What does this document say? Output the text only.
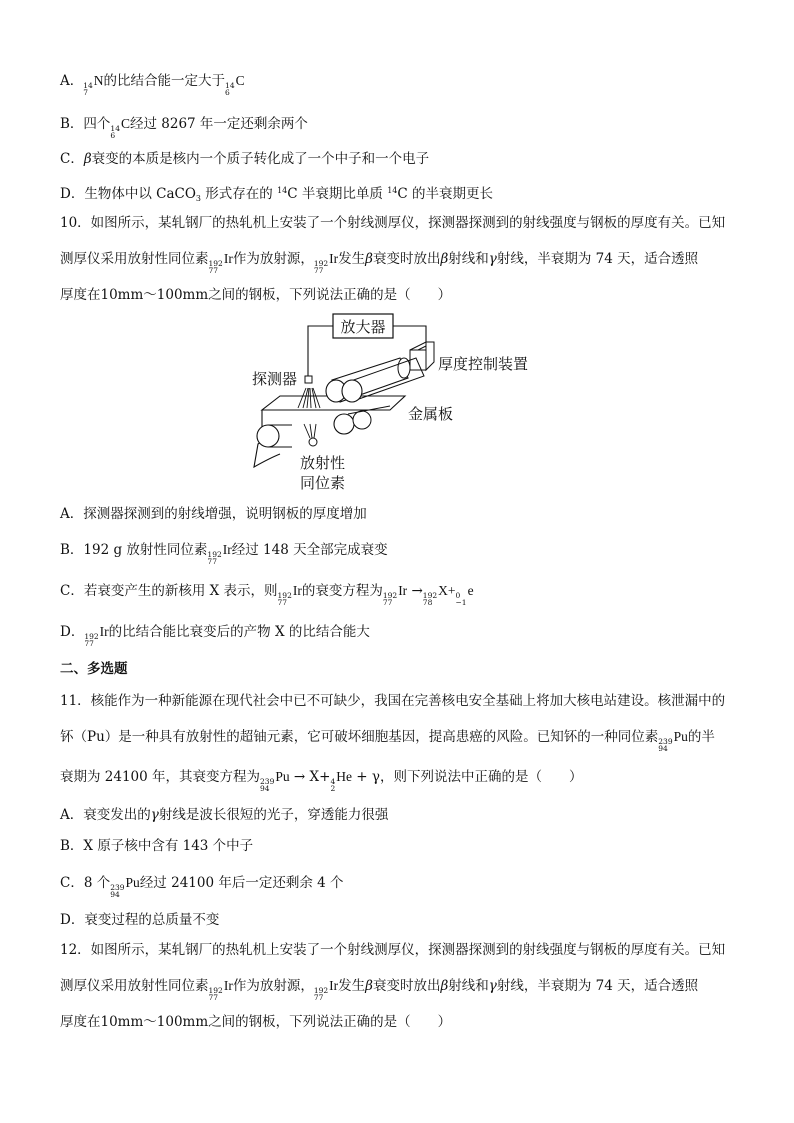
A． 14
7
N的比结合能一定大于 14
6
C
B．四个 14
6
C经过 8267 年一定还剩余两个
C．β衰变的本质是核内一个质子转化成了一个中子和一个电子
D．生物体中以 CaCO$_3$ 形式存在的 $^{14}$C 半衰期比单质 $^{14}$C 的半衰期更长
10．如图所示，某轧钢厂的热轧机上安装了一个射线测厚仪，探测器探测到的射线强度与钢板的厚度有关。已知
测厚仪采用放射性同位素 192
77
Ir作为放射源， 192
77
Ir发生β衰变时放出β射线和γ射线，半衰期为 74 天，适合透照
厚度在10mm～100mm之间的钢板，下列说法正确的是（　　）
放大器
厚度控制装置
探测器
金属板
放射性
同位素
A．探测器探测到的射线增强，说明钢板的厚度增加
B．192 g 放射性同位素 192
77
Ir经过 148 天全部完成衰变
C．若衰变产生的新核用 X 表示，则 192
77
Ir的衰变方程为 192
77
Ir → 192
78
X+ 0
−1
e
D． 192
77
Ir的比结合能比衰变后的产物 X 的比结合能大
二、多选题
11．核能作为一种新能源在现代社会中已不可缺少，我国在完善核电安全基础上将加大核电站建设。核泄漏中的
钚（Pu）是一种具有放射性的超铀元素，它可破坏细胞基因，提高患癌的风险。已知钚的一种同位素 239
94
Pu的半
衰期为 24100 年，其衰变方程为 239
94
Pu → X+ 4
2
He + γ，则下列说法中正确的是（　　）
A．衰变发出的γ射线是波长很短的光子，穿透能力很强
B．X 原子核中含有 143 个中子
C．8 个 239
94
Pu经过 24100 年后一定还剩余 4 个
D．衰变过程的总质量不变
12．如图所示，某轧钢厂的热轧机上安装了一个射线测厚仪，探测器探测到的射线强度与钢板的厚度有关。已知
测厚仪采用放射性同位素 192
77
Ir作为放射源， 192
77
Ir发生β衰变时放出β射线和γ射线，半衰期为 74 天，适合透照
厚度在10mm～100mm之间的钢板，下列说法正确的是（　　）
